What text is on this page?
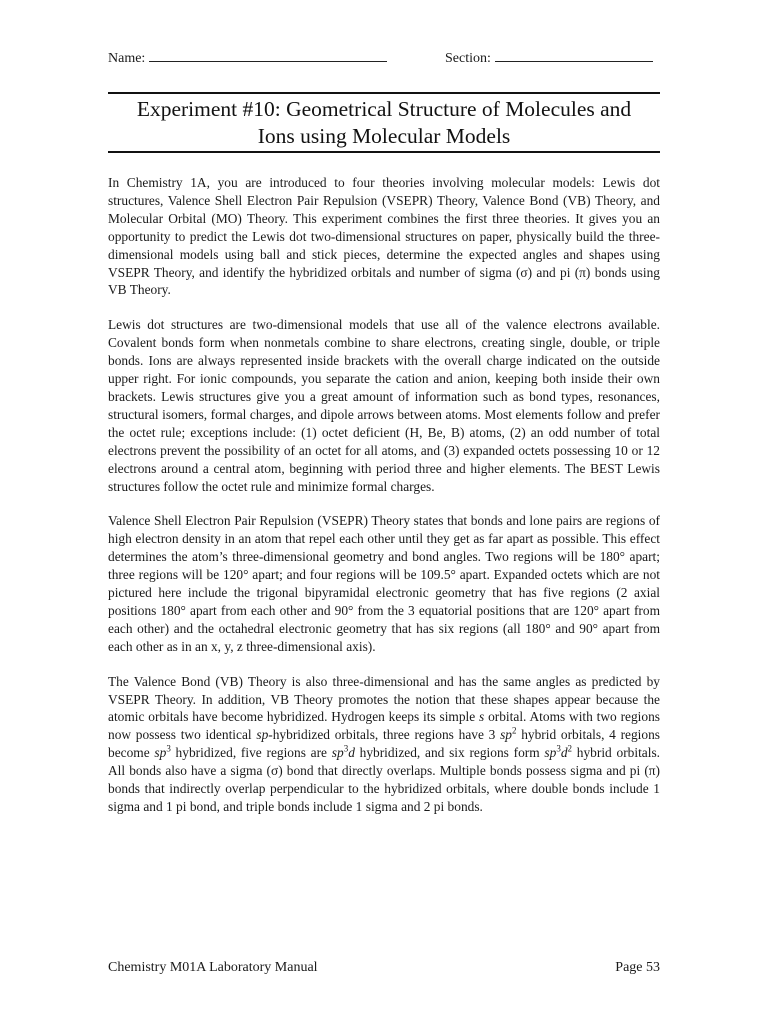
Name:	Section:
Experiment #10: Geometrical Structure of Molecules and
Ions using Molecular Models

In Chemistry 1A, you are introduced to four theories involving molecular models: Lewis dot structures, Valence Shell Electron Pair Repulsion (VSEPR) Theory, Valence Bond (VB) Theory, and Molecular Orbital (MO) Theory. This experiment combines the first three theories. It gives you an opportunity to predict the Lewis dot two-dimensional structures on paper, physically build the three-dimensional models using ball and stick pieces, determine the expected angles and shapes using VSEPR Theory, and identify the hybridized orbitals and number of sigma (σ) and pi (π) bonds using VB Theory.

Lewis dot structures are two-dimensional models that use all of the valence electrons available. Covalent bonds form when nonmetals combine to share electrons, creating single, double, or triple bonds. Ions are always represented inside brackets with the overall charge indicated on the outside upper right. For ionic compounds, you separate the cation and anion, keeping both inside their own brackets. Lewis structures give you a great amount of information such as bond types, resonances, structural isomers, formal charges, and dipole arrows between atoms. Most elements follow and prefer the octet rule; exceptions include: (1) octet deficient (H, Be, B) atoms, (2) an odd number of total electrons prevent the possibility of an octet for all atoms, and (3) expanded octets possessing 10 or 12 electrons around a central atom, beginning with period three and higher elements. The BEST Lewis structures follow the octet rule and minimize formal charges.

Valence Shell Electron Pair Repulsion (VSEPR) Theory states that bonds and lone pairs are regions of high electron density in an atom that repel each other until they get as far apart as possible. This effect determines the atom’s three-dimensional geometry and bond angles. Two regions will be 180° apart; three regions will be 120° apart; and four regions will be 109.5° apart. Expanded octets which are not pictured here include the trigonal bipyramidal electronic geometry that has five regions (2 axial positions 180° apart from each other and 90° from the 3 equatorial positions that are 120° apart from each other) and the octahedral electronic geometry that has six regions (all 180° and 90° apart from each other as in an x, y, z three-dimensional axis).

The Valence Bond (VB) Theory is also three-dimensional and has the same angles as predicted by VSEPR Theory. In addition, VB Theory promotes the notion that these shapes appear because the atomic orbitals have become hybridized. Hydrogen keeps its simple s orbital. Atoms with two regions now possess two identical sp-hybridized orbitals, three regions have 3 $sp^2$ hybrid orbitals, 4 regions become $sp^3$ hybridized, five regions are $sp^3d$ hybridized, and six regions form $sp^3d^2$ hybrid orbitals. All bonds also have a sigma (σ) bond that directly overlaps. Multiple bonds possess sigma and pi (π) bonds that indirectly overlap perpendicular to the hybridized orbitals, where double bonds include 1 sigma and 1 pi bond, and triple bonds include 1 sigma and 2 pi bonds.

Chemistry M01A Laboratory Manual	Page 53
